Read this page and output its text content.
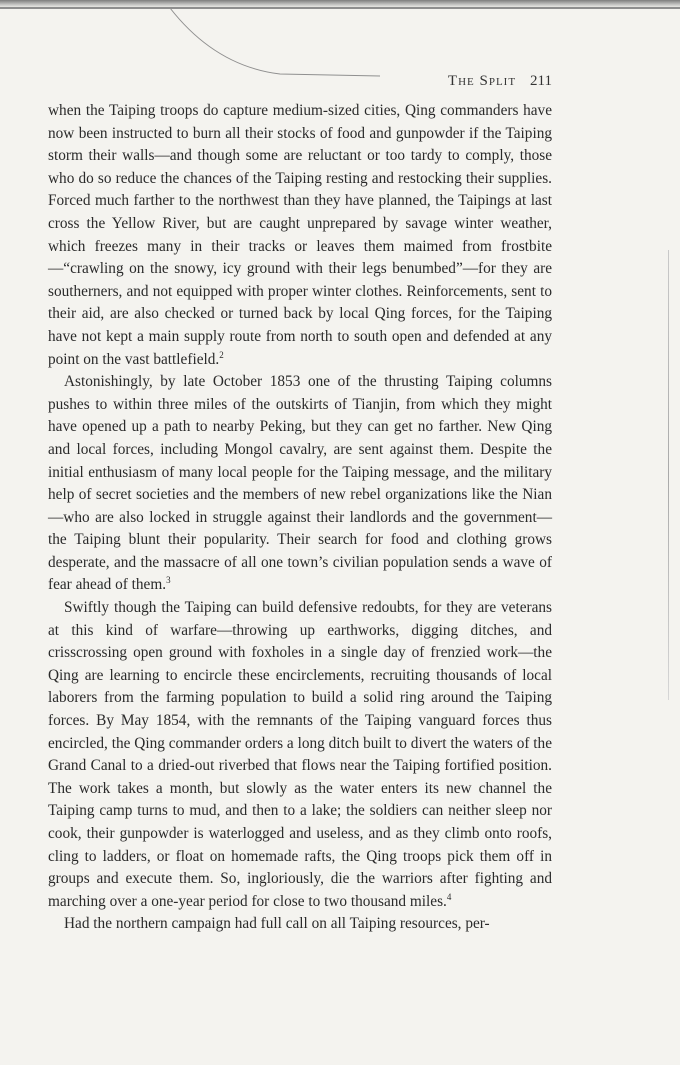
The Split 211

when the Taiping troops do capture medium-sized cities, Qing commanders have now been instructed to burn all their stocks of food and gunpowder if the Taiping storm their walls—and though some are reluctant or too tardy to comply, those who do so reduce the chances of the Taiping resting and restocking their supplies. Forced much farther to the northwest than they have planned, the Taipings at last cross the Yellow River, but are caught unprepared by savage winter weather, which freezes many in their tracks or leaves them maimed from frostbite—“crawling on the snowy, icy ground with their legs benumbed”—for they are southerners, and not equipped with proper winter clothes. Reinforcements, sent to their aid, are also checked or turned back by local Qing forces, for the Taiping have not kept a main supply route from north to south open and defended at any point on the vast battlefield.$^2$

Astonishingly, by late October 1853 one of the thrusting Taiping columns pushes to within three miles of the outskirts of Tianjin, from which they might have opened up a path to nearby Peking, but they can get no farther. New Qing and local forces, including Mongol cavalry, are sent against them. Despite the initial enthusiasm of many local people for the Taiping message, and the military help of secret societies and the members of new rebel organizations like the Nian—who are also locked in struggle against their landlords and the government—the Taiping blunt their popularity. Their search for food and clothing grows desperate, and the massacre of all one town’s civilian population sends a wave of fear ahead of them.$^3$

Swiftly though the Taiping can build defensive redoubts, for they are veterans at this kind of warfare—throwing up earthworks, digging ditches, and crisscrossing open ground with foxholes in a single day of frenzied work—the Qing are learning to encircle these encirclements, recruiting thousands of local laborers from the farming population to build a solid ring around the Taiping forces. By May 1854, with the remnants of the Taiping vanguard forces thus encircled, the Qing commander orders a long ditch built to divert the waters of the Grand Canal to a dried-out riverbed that flows near the Taiping fortified position. The work takes a month, but slowly as the water enters its new channel the Taiping camp turns to mud, and then to a lake; the soldiers can neither sleep nor cook, their gunpowder is waterlogged and useless, and as they climb onto roofs, cling to ladders, or float on homemade rafts, the Qing troops pick them off in groups and execute them. So, ingloriously, die the warriors after fighting and marching over a one-year period for close to two thousand miles.$^4$

Had the northern campaign had full call on all Taiping resources, per-
